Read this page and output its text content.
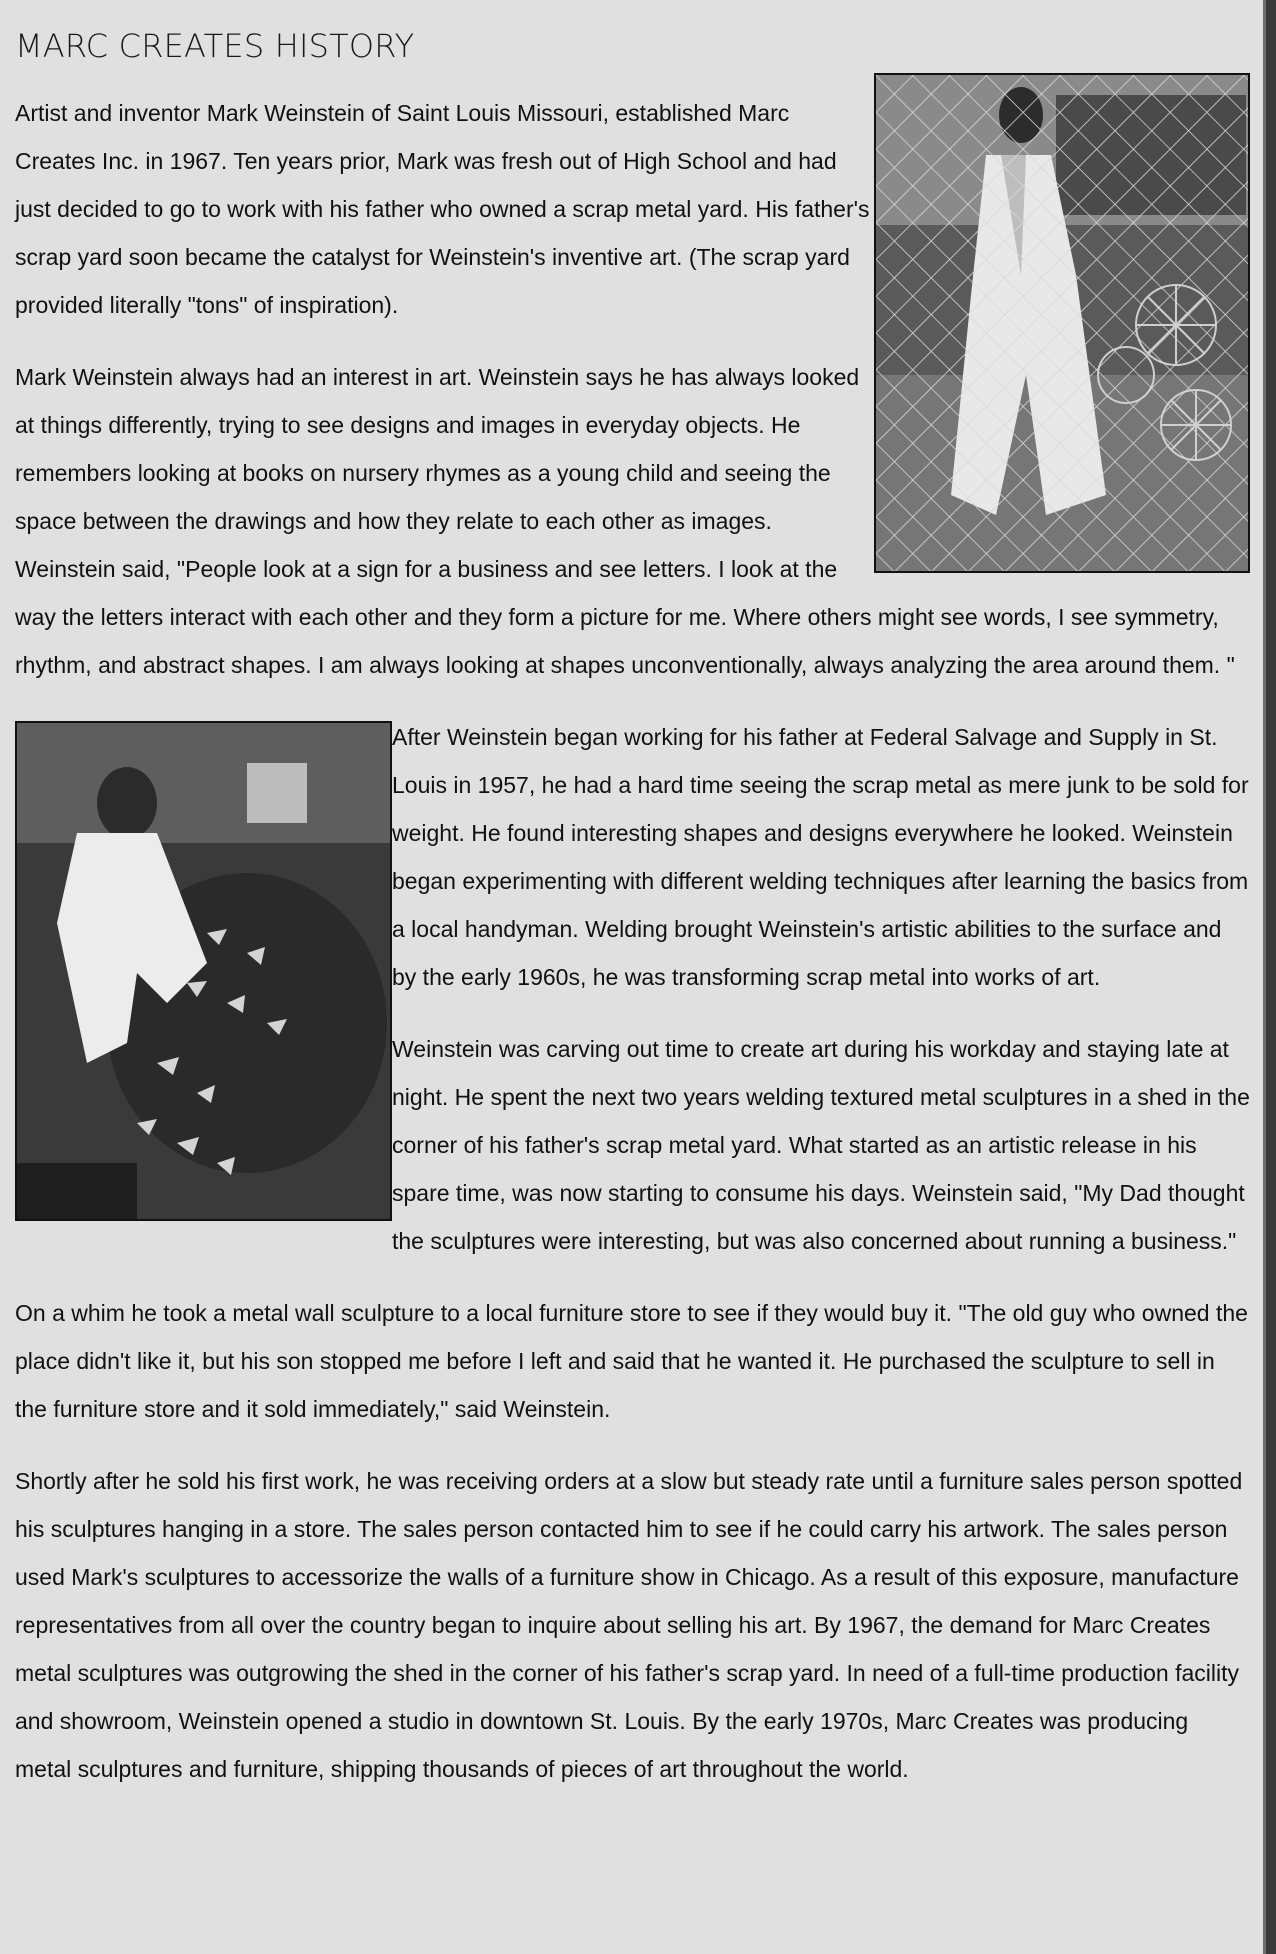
MARC CREATES HISTORY

Artist and inventor Mark Weinstein of Saint Louis Missouri, established Marc Creates Inc. in 1967. Ten years prior, Mark was fresh out of High School and had just decided to go to work with his father who owned a scrap metal yard. His father's scrap yard soon became the catalyst for Weinstein's inventive art. (The scrap yard provided literally "tons" of inspiration).

Mark Weinstein always had an interest in art. Weinstein says he has always looked at things differently, trying to see designs and images in everyday objects. He remembers looking at books on nursery rhymes as a young child and seeing the space between the drawings and how they relate to each other as images. Weinstein said, "People look at a sign for a business and see letters. I look at the way the letters interact with each other and they form a picture for me. Where others might see words, I see symmetry, rhythm, and abstract shapes. I am always looking at shapes unconventionally, always analyzing the area around them. "

After Weinstein began working for his father at Federal Salvage and Supply in St. Louis in 1957, he had a hard time seeing the scrap metal as mere junk to be sold for weight. He found interesting shapes and designs everywhere he looked. Weinstein began experimenting with different welding techniques after learning the basics from a local handyman. Welding brought Weinstein's artistic abilities to the surface and by the early 1960s, he was transforming scrap metal into works of art.

Weinstein was carving out time to create art during his workday and staying late at night. He spent the next two years welding textured metal sculptures in a shed in the corner of his father's scrap metal yard. What started as an artistic release in his spare time, was now starting to consume his days. Weinstein said, "My Dad thought the sculptures were interesting, but was also concerned about running a business."

On a whim he took a metal wall sculpture to a local furniture store to see if they would buy it. "The old guy who owned the place didn't like it, but his son stopped me before I left and said that he wanted it. He purchased the sculpture to sell in the furniture store and it sold immediately," said Weinstein.

Shortly after he sold his first work, he was receiving orders at a slow but steady rate until a furniture sales person spotted his sculptures hanging in a store. The sales person contacted him to see if he could carry his artwork. The sales person used Mark's sculptures to accessorize the walls of a furniture show in Chicago. As a result of this exposure, manufacture representatives from all over the country began to inquire about selling his art. By 1967, the demand for Marc Creates metal sculptures was outgrowing the shed in the corner of his father's scrap yard. In need of a full-time production facility and showroom, Weinstein opened a studio in downtown St. Louis. By the early 1970s, Marc Creates was producing metal sculptures and furniture, shipping thousands of pieces of art throughout the world.
